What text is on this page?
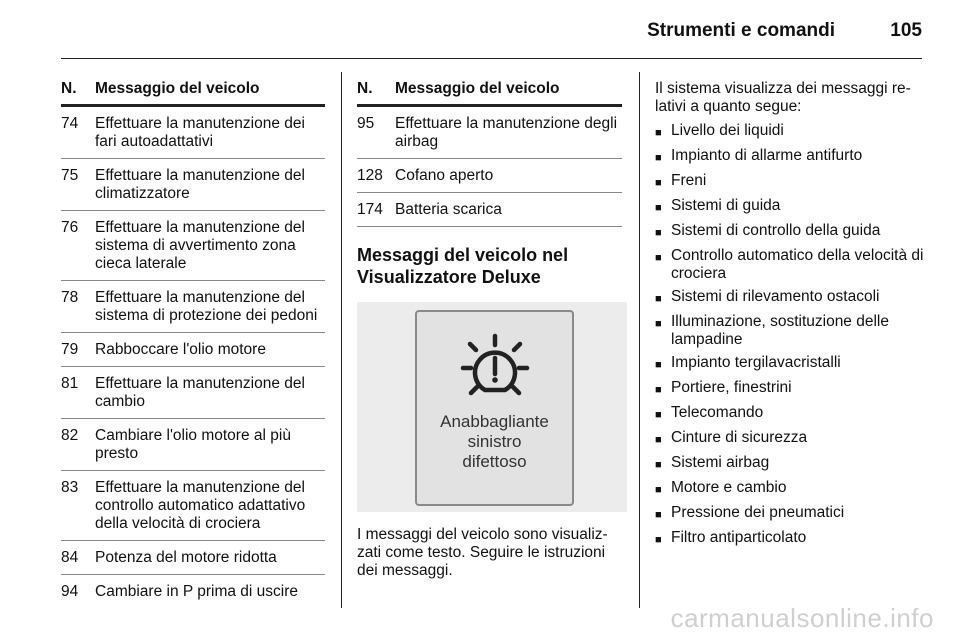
Strumenti e comandi	105
N.	Messaggio del veicolo
74	Effettuare la manutenzione dei fari autoadattativi
75	Effettuare la manutenzione del climatizzatore
76	Effettuare la manutenzione del sistema di avvertimento zona cieca laterale
78	Effettuare la manutenzione del sistema di protezione dei pedoni
79	Rabboccare l'olio motore
81	Effettuare la manutenzione del cambio
82	Cambiare l'olio motore al più presto
83	Effettuare la manutenzione del controllo automatico adattativo della velocità di crociera
84	Potenza del motore ridotta
94	Cambiare in P prima di uscire
N.	Messaggio del veicolo
95	Effettuare la manutenzione degli airbag
128 Cofano aperto
174 Batteria scarica
Messaggi del veicolo nel Visualizzatore Deluxe
Anabbagliante
sinistro
difettoso
I messaggi del veicolo sono visualiz- zati come testo. Seguire le istruzioni dei messaggi.
Il sistema visualizza dei messaggi re- lativi a quanto segue:
■ Livello dei liquidi
■ Impianto di allarme antifurto
■ Freni
■ Sistemi di guida
■ Sistemi di controllo della guida
■ Controllo automatico della velocità di crociera
■ Sistemi di rilevamento ostacoli
■ Illuminazione, sostituzione delle lampadine
■ Impianto tergilavacristalli
■ Portiere, finestrini
■ Telecomando
■ Cinture di sicurezza
■ Sistemi airbag
■ Motore e cambio
■ Pressione dei pneumatici
■ Filtro antiparticolato
carmanualsonline.info
